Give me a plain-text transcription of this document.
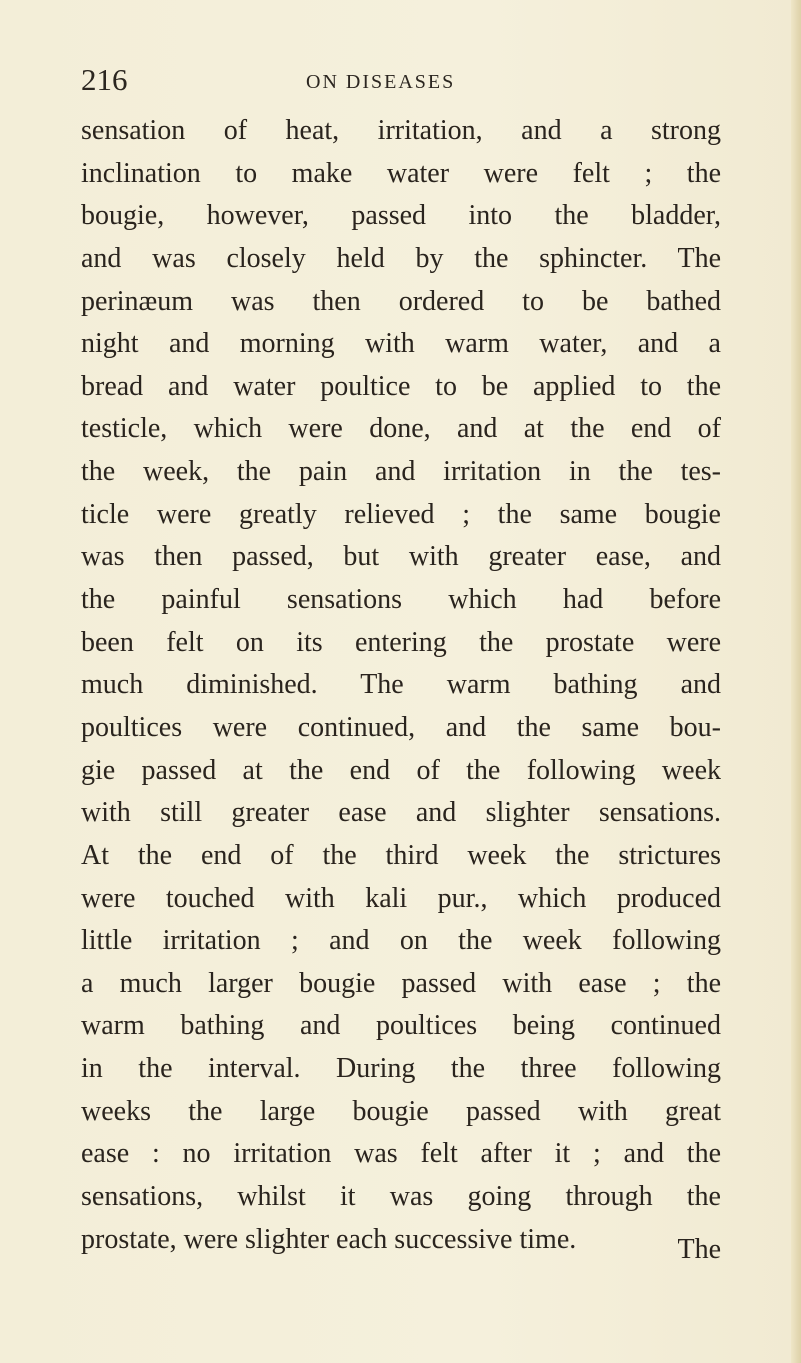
216	ON DISEASES
sensation of heat, irritation, and a strong
inclination to make water were felt ; the
bougie, however, passed into the bladder,
and was closely held by the sphincter. The
perinæum was then ordered to be bathed
night and morning with warm water, and a
bread and water poultice to be applied to the
testicle, which were done, and at the end of
the week, the pain and irritation in the tes-
ticle were greatly relieved ; the same bougie
was then passed, but with greater ease, and
the painful sensations which had before
been felt on its entering the prostate were
much diminished. The warm bathing and
poultices were continued, and the same bou-
gie passed at the end of the following week
with still greater ease and slighter sensations.
At the end of the third week the strictures
were touched with kali pur., which produced
little irritation ; and on the week following
a much larger bougie passed with ease ; the
warm bathing and poultices being continued
in the interval. During the three following
weeks the large bougie passed with great
ease : no irritation was felt after it ; and the
sensations, whilst it was going through the
prostate, were slighter each successive time.	The
